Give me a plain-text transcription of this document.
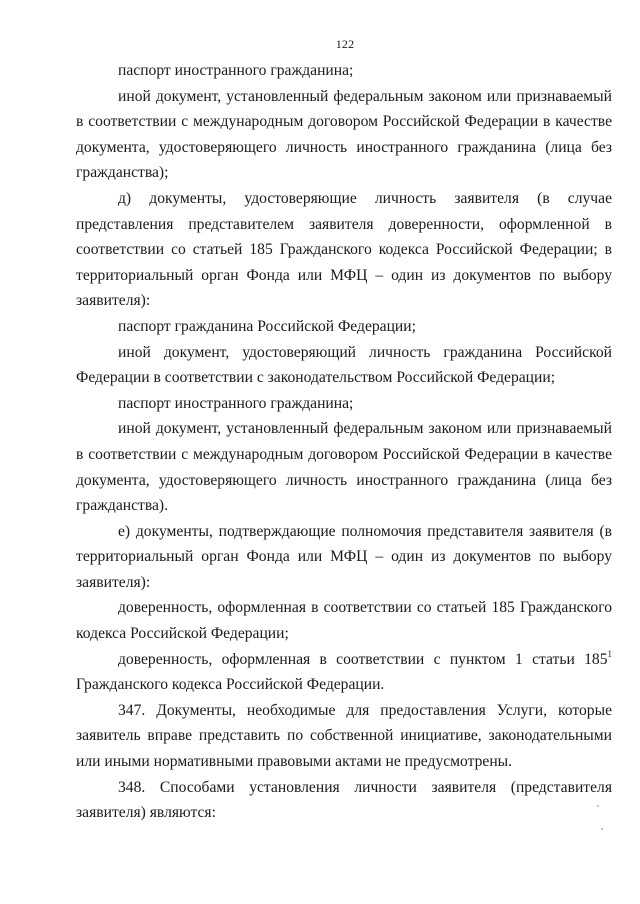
122

паспорт иностранного гражданина;

иной документ, установленный федеральным законом или признаваемый в соответствии с международным договором Российской Федерации в качестве документа, удостоверяющего личность иностранного гражданина (лица без гражданства);

д) документы, удостоверяющие личность заявителя (в случае представления представителем заявителя доверенности, оформленной в соответствии со статьей 185 Гражданского кодекса Российской Федерации; в территориальный орган Фонда или МФЦ – один из документов по выбору заявителя):

паспорт гражданина Российской Федерации;

иной документ, удостоверяющий личность гражданина Российской Федерации в соответствии с законодательством Российской Федерации;

паспорт иностранного гражданина;

иной документ, установленный федеральным законом или признаваемый в соответствии с международным договором Российской Федерации в качестве документа, удостоверяющего личность иностранного гражданина (лица без гражданства).

е) документы, подтверждающие полномочия представителя заявителя (в территориальный орган Фонда или МФЦ – один из документов по выбору заявителя):

доверенность, оформленная в соответствии со статьей 185 Гражданского кодекса Российской Федерации;

доверенность, оформленная в соответствии с пунктом 1 статьи $185^1$ Гражданского кодекса Российской Федерации.

347. Документы, необходимые для предоставления Услуги, которые заявитель вправе представить по собственной инициативе, законодательными или иными нормативными правовыми актами не предусмотрены.

348. Способами установления личности заявителя (представителя заявителя) являются:
